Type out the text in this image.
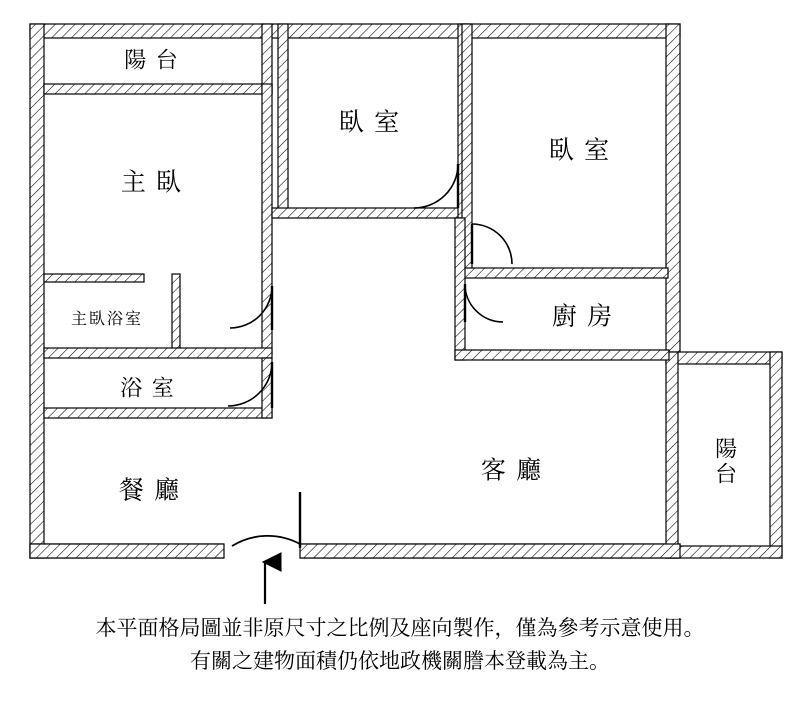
陽 台
主 臥
臥 室
臥 室
主臥浴室
浴 室
廚 房
客 廳
餐 廳
陽台
本平面格局圖並非原尺寸之比例及座向製作，僅為參考示意使用。
有關之建物面積仍依地政機關謄本登載為主。
